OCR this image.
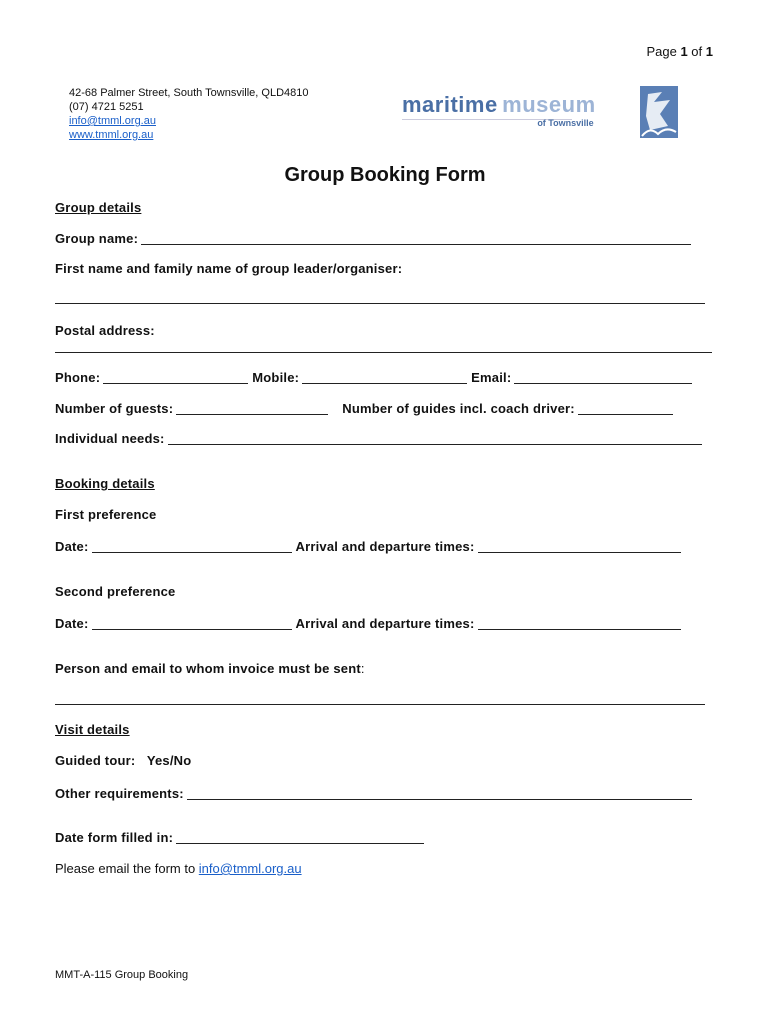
Page 1 of 1
42-68 Palmer Street, South Townsville, QLD4810
(07) 4721 5251
info@tmml.org.au
www.tmml.org.au
maritime museum
of Townsville
Group Booking Form
Group details
Group name:
First name and family name of group leader/organiser:
Postal address:
Phone:	Mobile:	Email:
Number of guests:	Number of guides incl. coach driver:
Individual needs:
Booking details
First preference
Date:	Arrival and departure times:
Second preference
Date:	Arrival and departure times:
Person and email to whom invoice must be sent:
Visit details
Guided tour: Yes/No
Other requirements:
Date form filled in:
Please email the form to info@tmml.org.au
MMT-A-115 Group Booking
